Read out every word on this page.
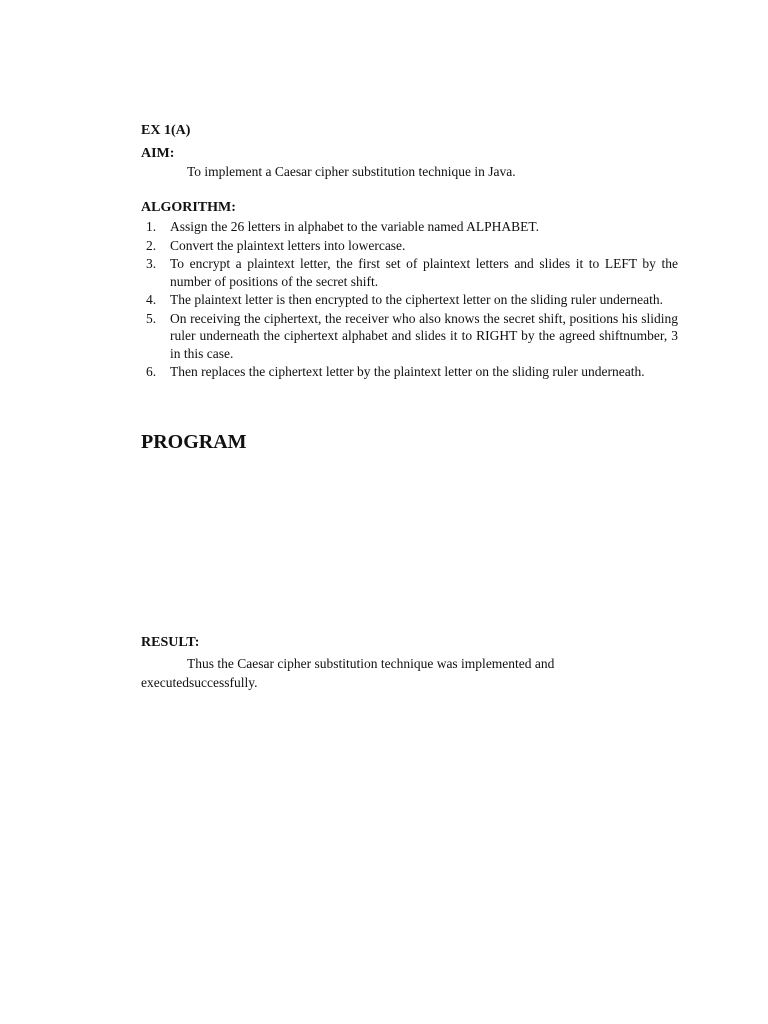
EX 1(A)
AIM:
To implement a Caesar cipher substitution technique in Java.
ALGORITHM:
1. Assign the 26 letters in alphabet to the variable named ALPHABET.
2. Convert the plaintext letters into lowercase.
3. To encrypt a plaintext letter, the first set of plaintext letters and slides it to LEFT by the number of positions of the secret shift.
4. The plaintext letter is then encrypted to the ciphertext letter on the sliding ruler underneath.
5. On receiving the ciphertext, the receiver who also knows the secret shift, positions his sliding ruler underneath the ciphertext alphabet and slides it to RIGHT by the agreed shiftnumber, 3 in this case.
6. Then replaces the ciphertext letter by the plaintext letter on the sliding ruler underneath.
PROGRAM
RESULT:
Thus the Caesar cipher substitution technique was implemented and executedsuccessfully.
